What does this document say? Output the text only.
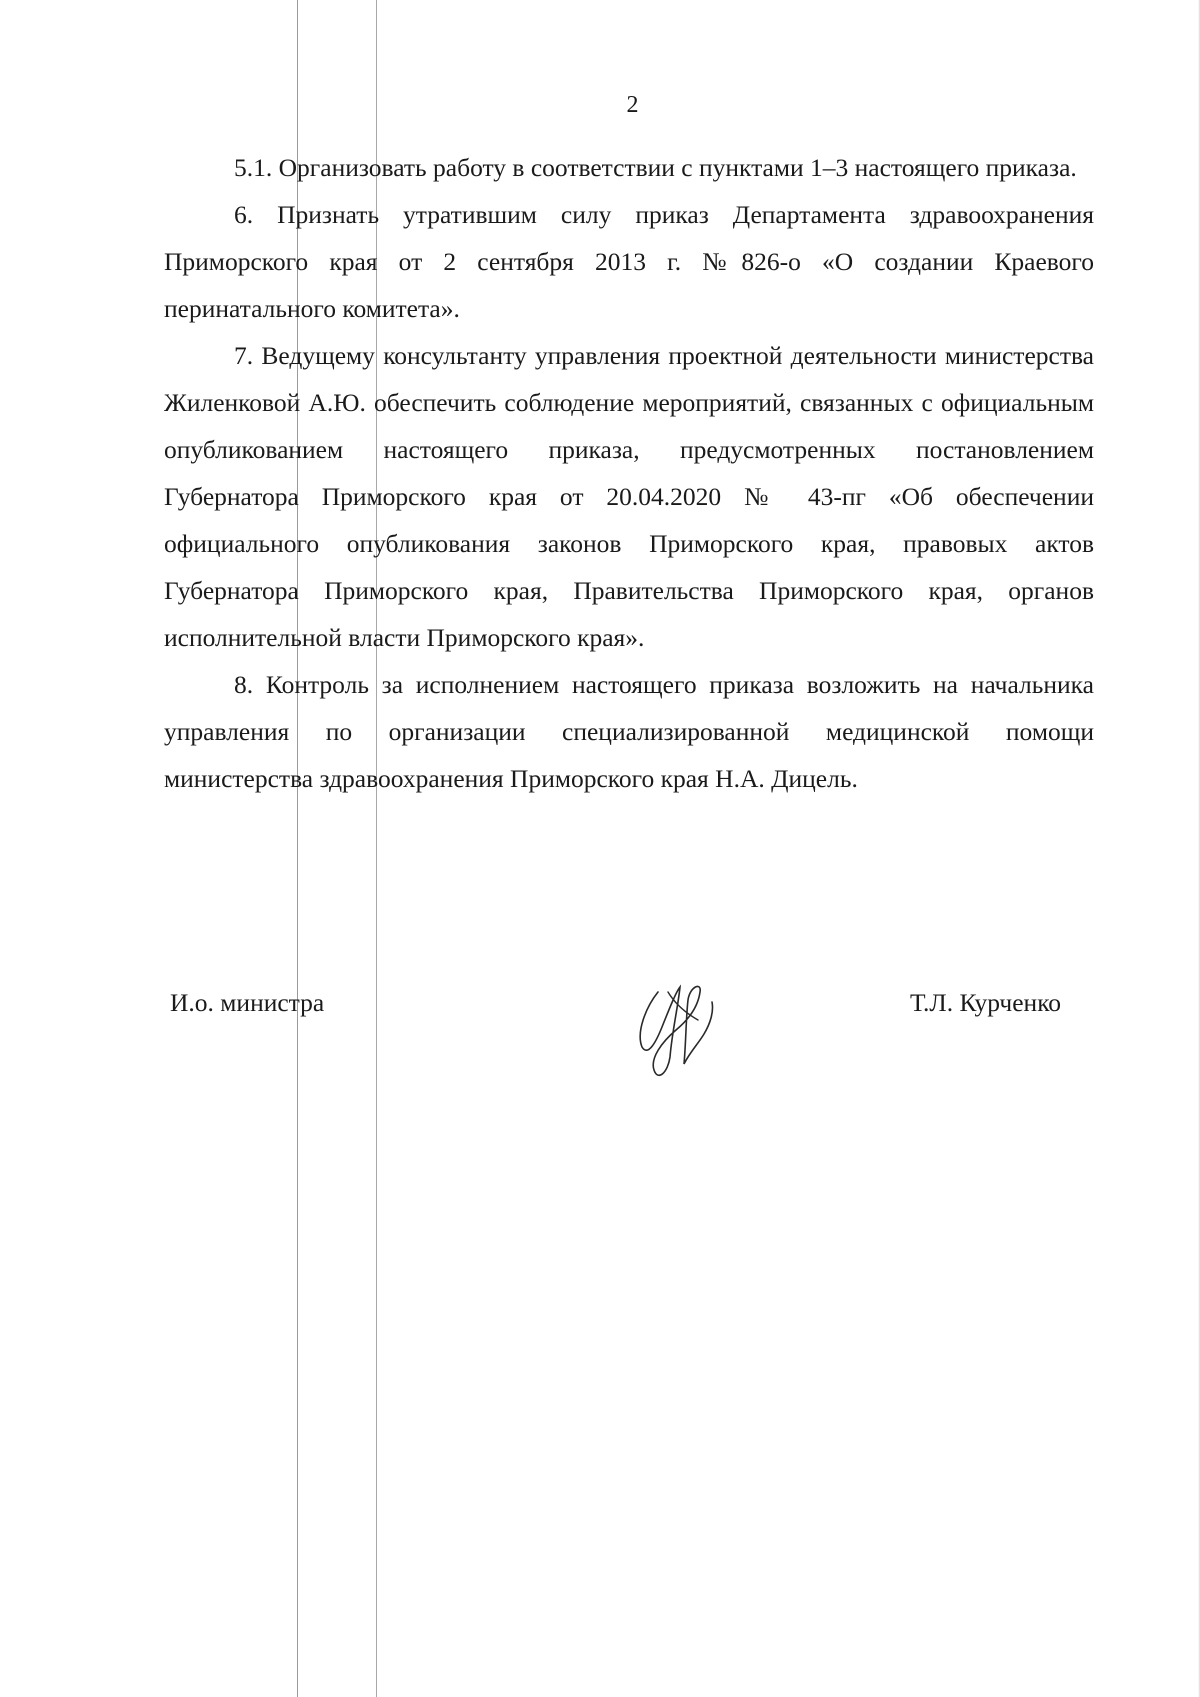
2

5.1. Организовать работу в соответствии с пунктами 1–3 настоящего приказа.

6. Признать утратившим силу приказ Департамента здравоохранения Приморского края от 2 сентября 2013 г. №826-о «О создании Краевого перинатального комитета».

7. Ведущему консультанту управления проектной деятельности министерства Жиленковой А.Ю. обеспечить соблюдение мероприятий, связанных с официальным опубликованием настоящего приказа, предусмотренных постановлением Губернатора Приморского края от 20.04.2020 № 43-пг «Об обеспечении официального опубликования законов Приморского края, правовых актов Губернатора Приморского края, Правительства Приморского края, органов исполнительной власти Приморского края».

8. Контроль за исполнением настоящего приказа возложить на начальника управления по организации специализированной медицинской помощи министерства здравоохранения Приморского края Н.А. Дицель.

И.о. министра	Т.Л. Курченко
